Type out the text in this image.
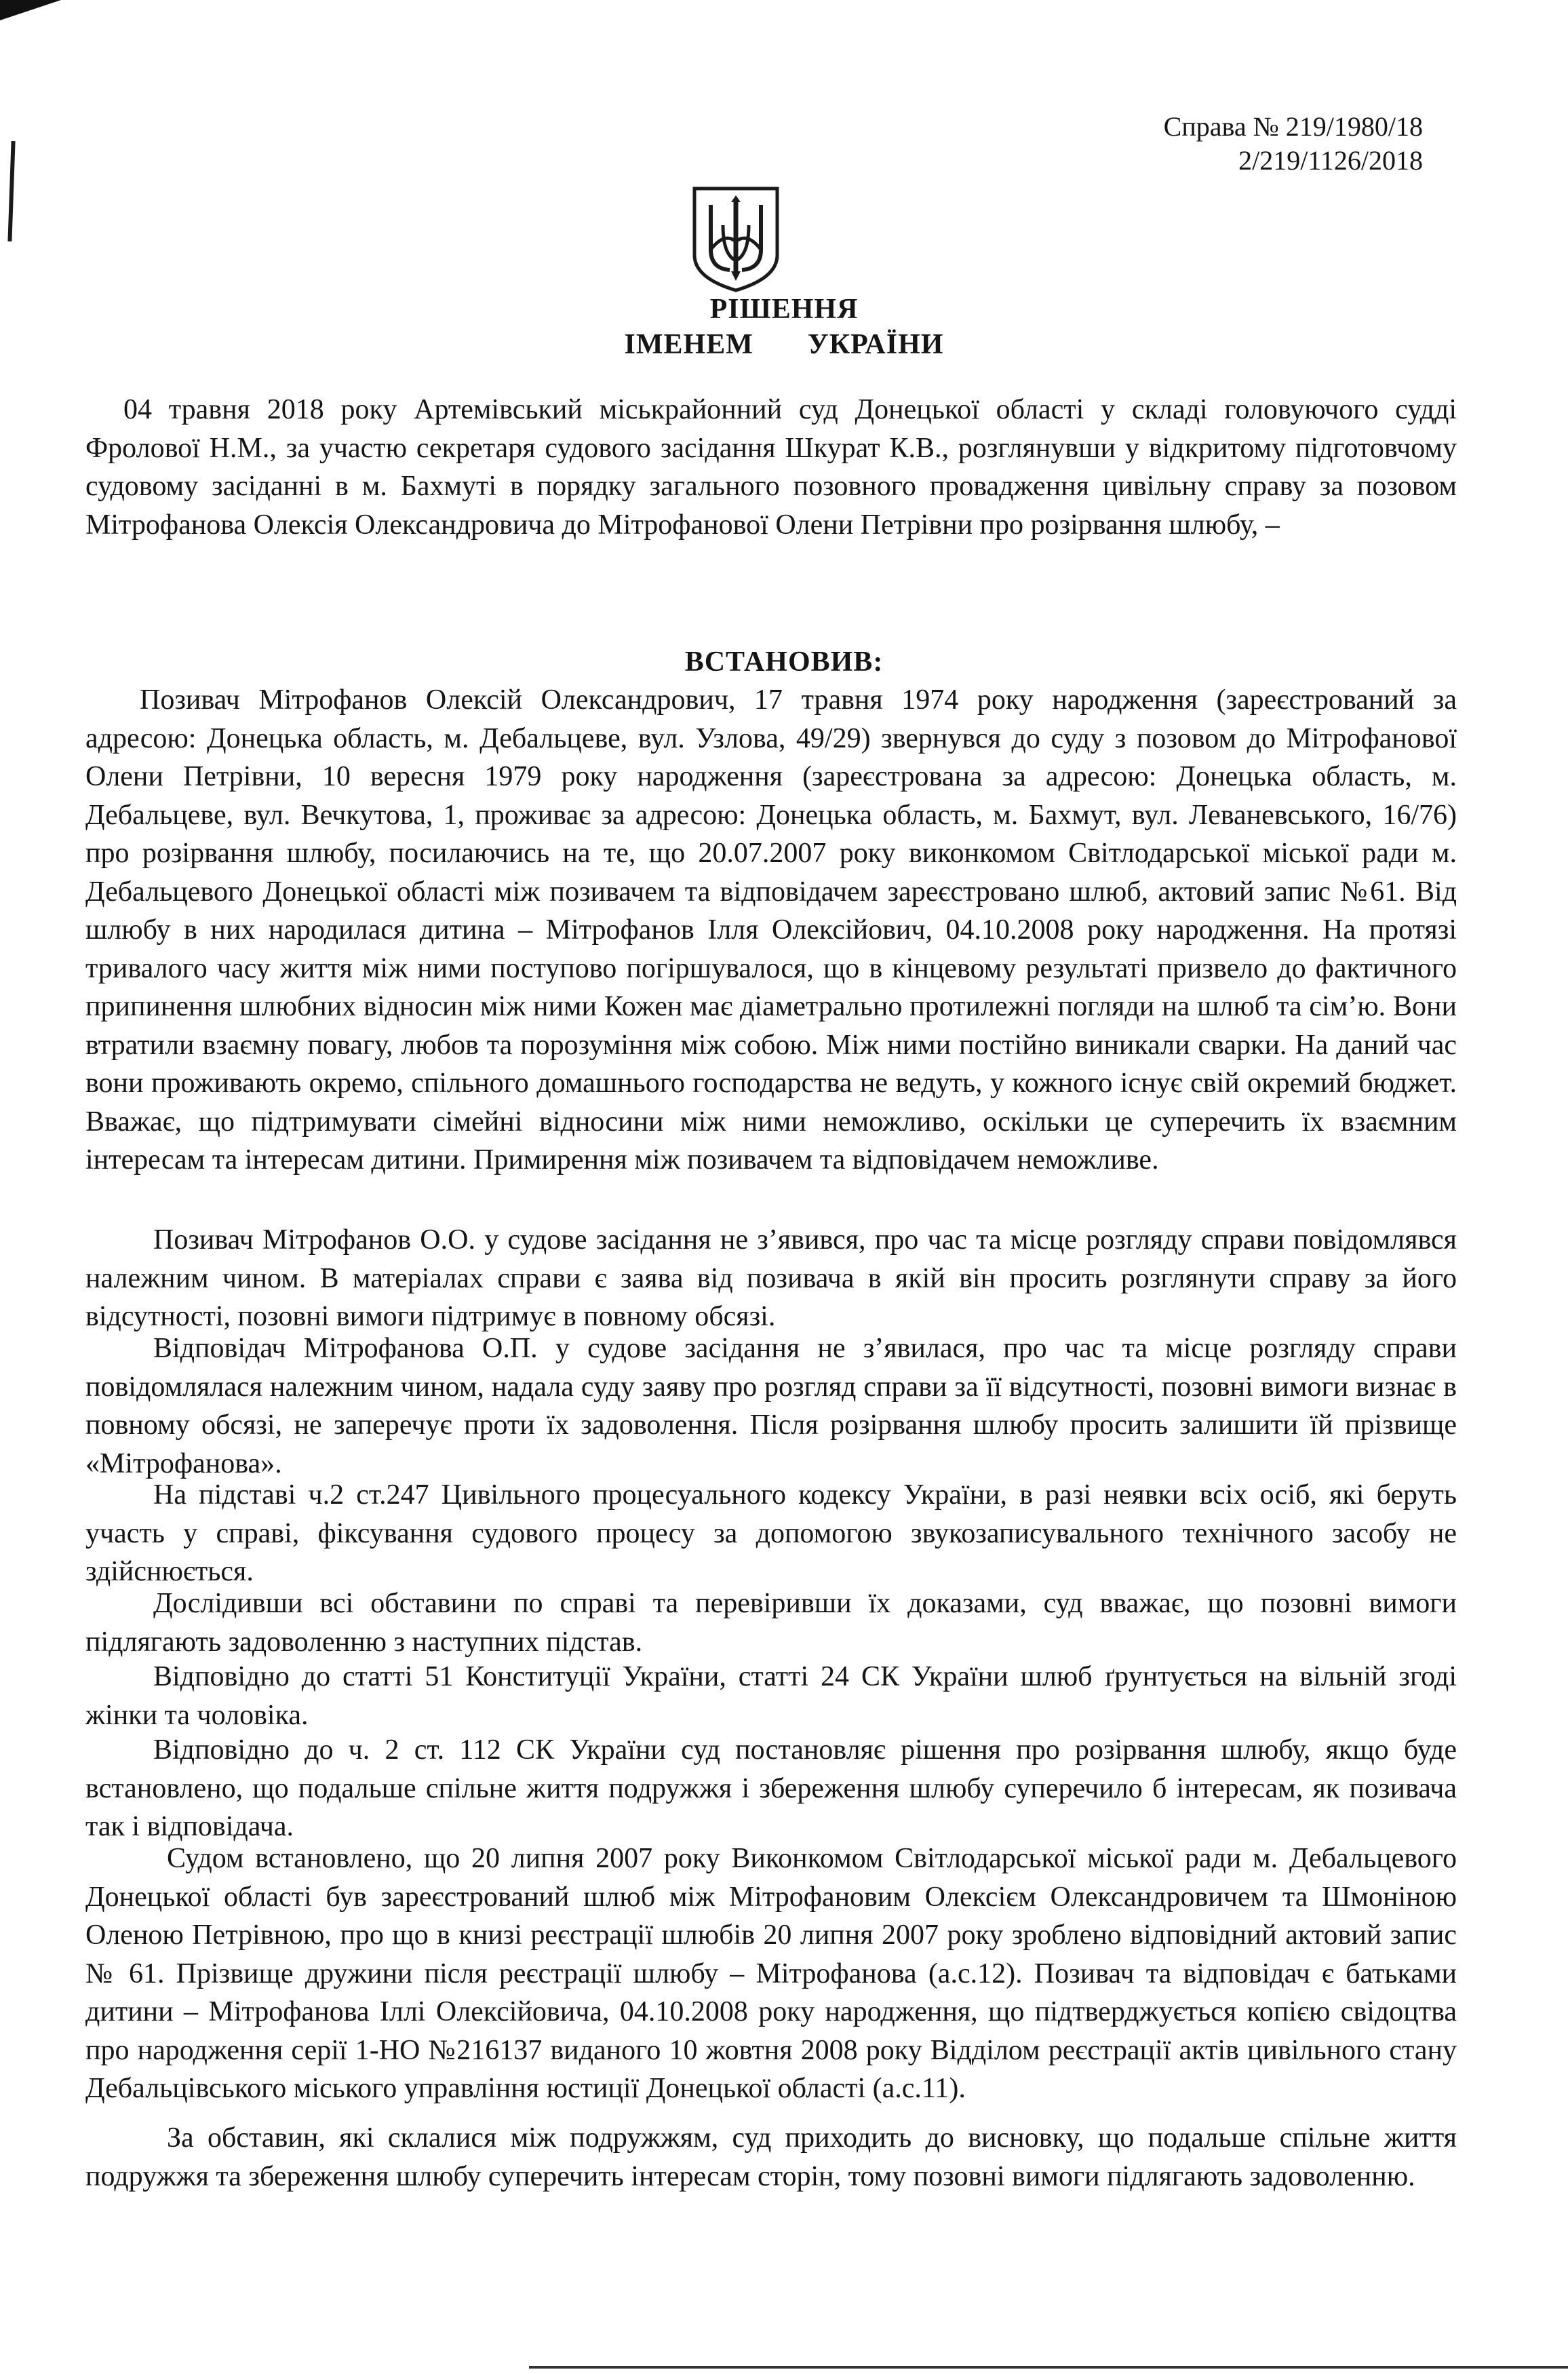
Справа № 219/1980/18
2/219/1126/2018
РІШЕННЯ
ІМЕНЕМ УКРАЇНИ

04 травня 2018 року Артемівський міськрайонний суд Донецької області у складі головуючого судді Фролової Н.М., за участю секретаря судового засідання Шкурат К.В., розглянувши у відкритому підготовчому судовому засіданні в м. Бахмуті в порядку загального позовного провадження цивільну справу за позовом Мітрофанова Олексія Олександровича до Мітрофанової Олени Петрівни про розірвання шлюбу, –

ВСТАНОВИВ:

Позивач Мітрофанов Олексій Олександрович, 17 травня 1974 року народження (зареєстрований за адресою: Донецька область, м. Дебальцеве, вул. Узлова, 49/29) звернувся до суду з позовом до Мітрофанової Олени Петрівни, 10 вересня 1979 року народження (зареєстрована за адресою: Донецька область, м. Дебальцеве, вул. Вечкутова, 1, проживає за адресою: Донецька область, м. Бахмут, вул. Леваневського, 16/76) про розірвання шлюбу, посилаючись на те, що 20.07.2007 року виконкомом Світлодарської міської ради м. Дебальцевого Донецької області між позивачем та відповідачем зареєстровано шлюб, актовий запис №61. Від шлюбу в них народилася дитина – Мітрофанов Ілля Олексійович, 04.10.2008 року народження. На протязі тривалого часу життя між ними поступово погіршувалося, що в кінцевому результаті призвело до фактичного припинення шлюбних відносин між ними Кожен має діаметрально протилежні погляди на шлюб та сім’ю. Вони втратили взаємну повагу, любов та порозуміння між собою. Між ними постійно виникали сварки. На даний час вони проживають окремо, спільного домашнього господарства не ведуть, у кожного існує свій окремий бюджет. Вважає, що підтримувати сімейні відносини між ними неможливо, оскільки це суперечить їх взаємним інтересам та інтересам дитини. Примирення між позивачем та відповідачем неможливе.

Позивач Мітрофанов О.О. у судове засідання не з’явився, про час та місце розгляду справи повідомлявся належним чином. В матеріалах справи є заява від позивача в якій він просить розглянути справу за його відсутності, позовні вимоги підтримує в повному обсязі.

Відповідач Мітрофанова О.П. у судове засідання не з’явилася, про час та місце розгляду справи повідомлялася належним чином, надала суду заяву про розгляд справи за її відсутності, позовні вимоги визнає в повному обсязі, не заперечує проти їх задоволення. Після розірвання шлюбу просить залишити їй прізвище «Мітрофанова».

На підставі ч.2 ст.247 Цивільного процесуального кодексу України, в разі неявки всіх осіб, які беруть участь у справі, фіксування судового процесу за допомогою звукозаписувального технічного засобу не здійснюється.

Дослідивши всі обставини по справі та перевіривши їх доказами, суд вважає, що позовні вимоги підлягають задоволенню з наступних підстав.

Відповідно до статті 51 Конституції України, статті 24 СК України шлюб ґрунтується на вільній згоді жінки та чоловіка.

Відповідно до ч. 2 ст. 112 СК України суд постановляє рішення про розірвання шлюбу, якщо буде встановлено, що подальше спільне життя подружжя і збереження шлюбу суперечило б інтересам, як позивача так і відповідача.

Судом встановлено, що 20 липня 2007 року Виконкомом Світлодарської міської ради м. Дебальцевого Донецької області був зареєстрований шлюб між Мітрофановим Олексієм Олександровичем та Шмоніною Оленою Петрівною, про що в книзі реєстрації шлюбів 20 липня 2007 року зроблено відповідний актовий запис № 61. Прізвище дружини після реєстрації шлюбу – Мітрофанова (а.с.12). Позивач та відповідач є батьками дитини – Мітрофанова Іллі Олексійовича, 04.10.2008 року народження, що підтверджується копією свідоцтва про народження серії 1-НО №216137 виданого 10 жовтня 2008 року Відділом реєстрації актів цивільного стану Дебальцівського міського управління юстиції Донецької області (а.с.11).

За обставин, які склалися між подружжям, суд приходить до висновку, що подальше спільне життя подружжя та збереження шлюбу суперечить інтересам сторін, тому позовні вимоги підлягають задоволенню.
